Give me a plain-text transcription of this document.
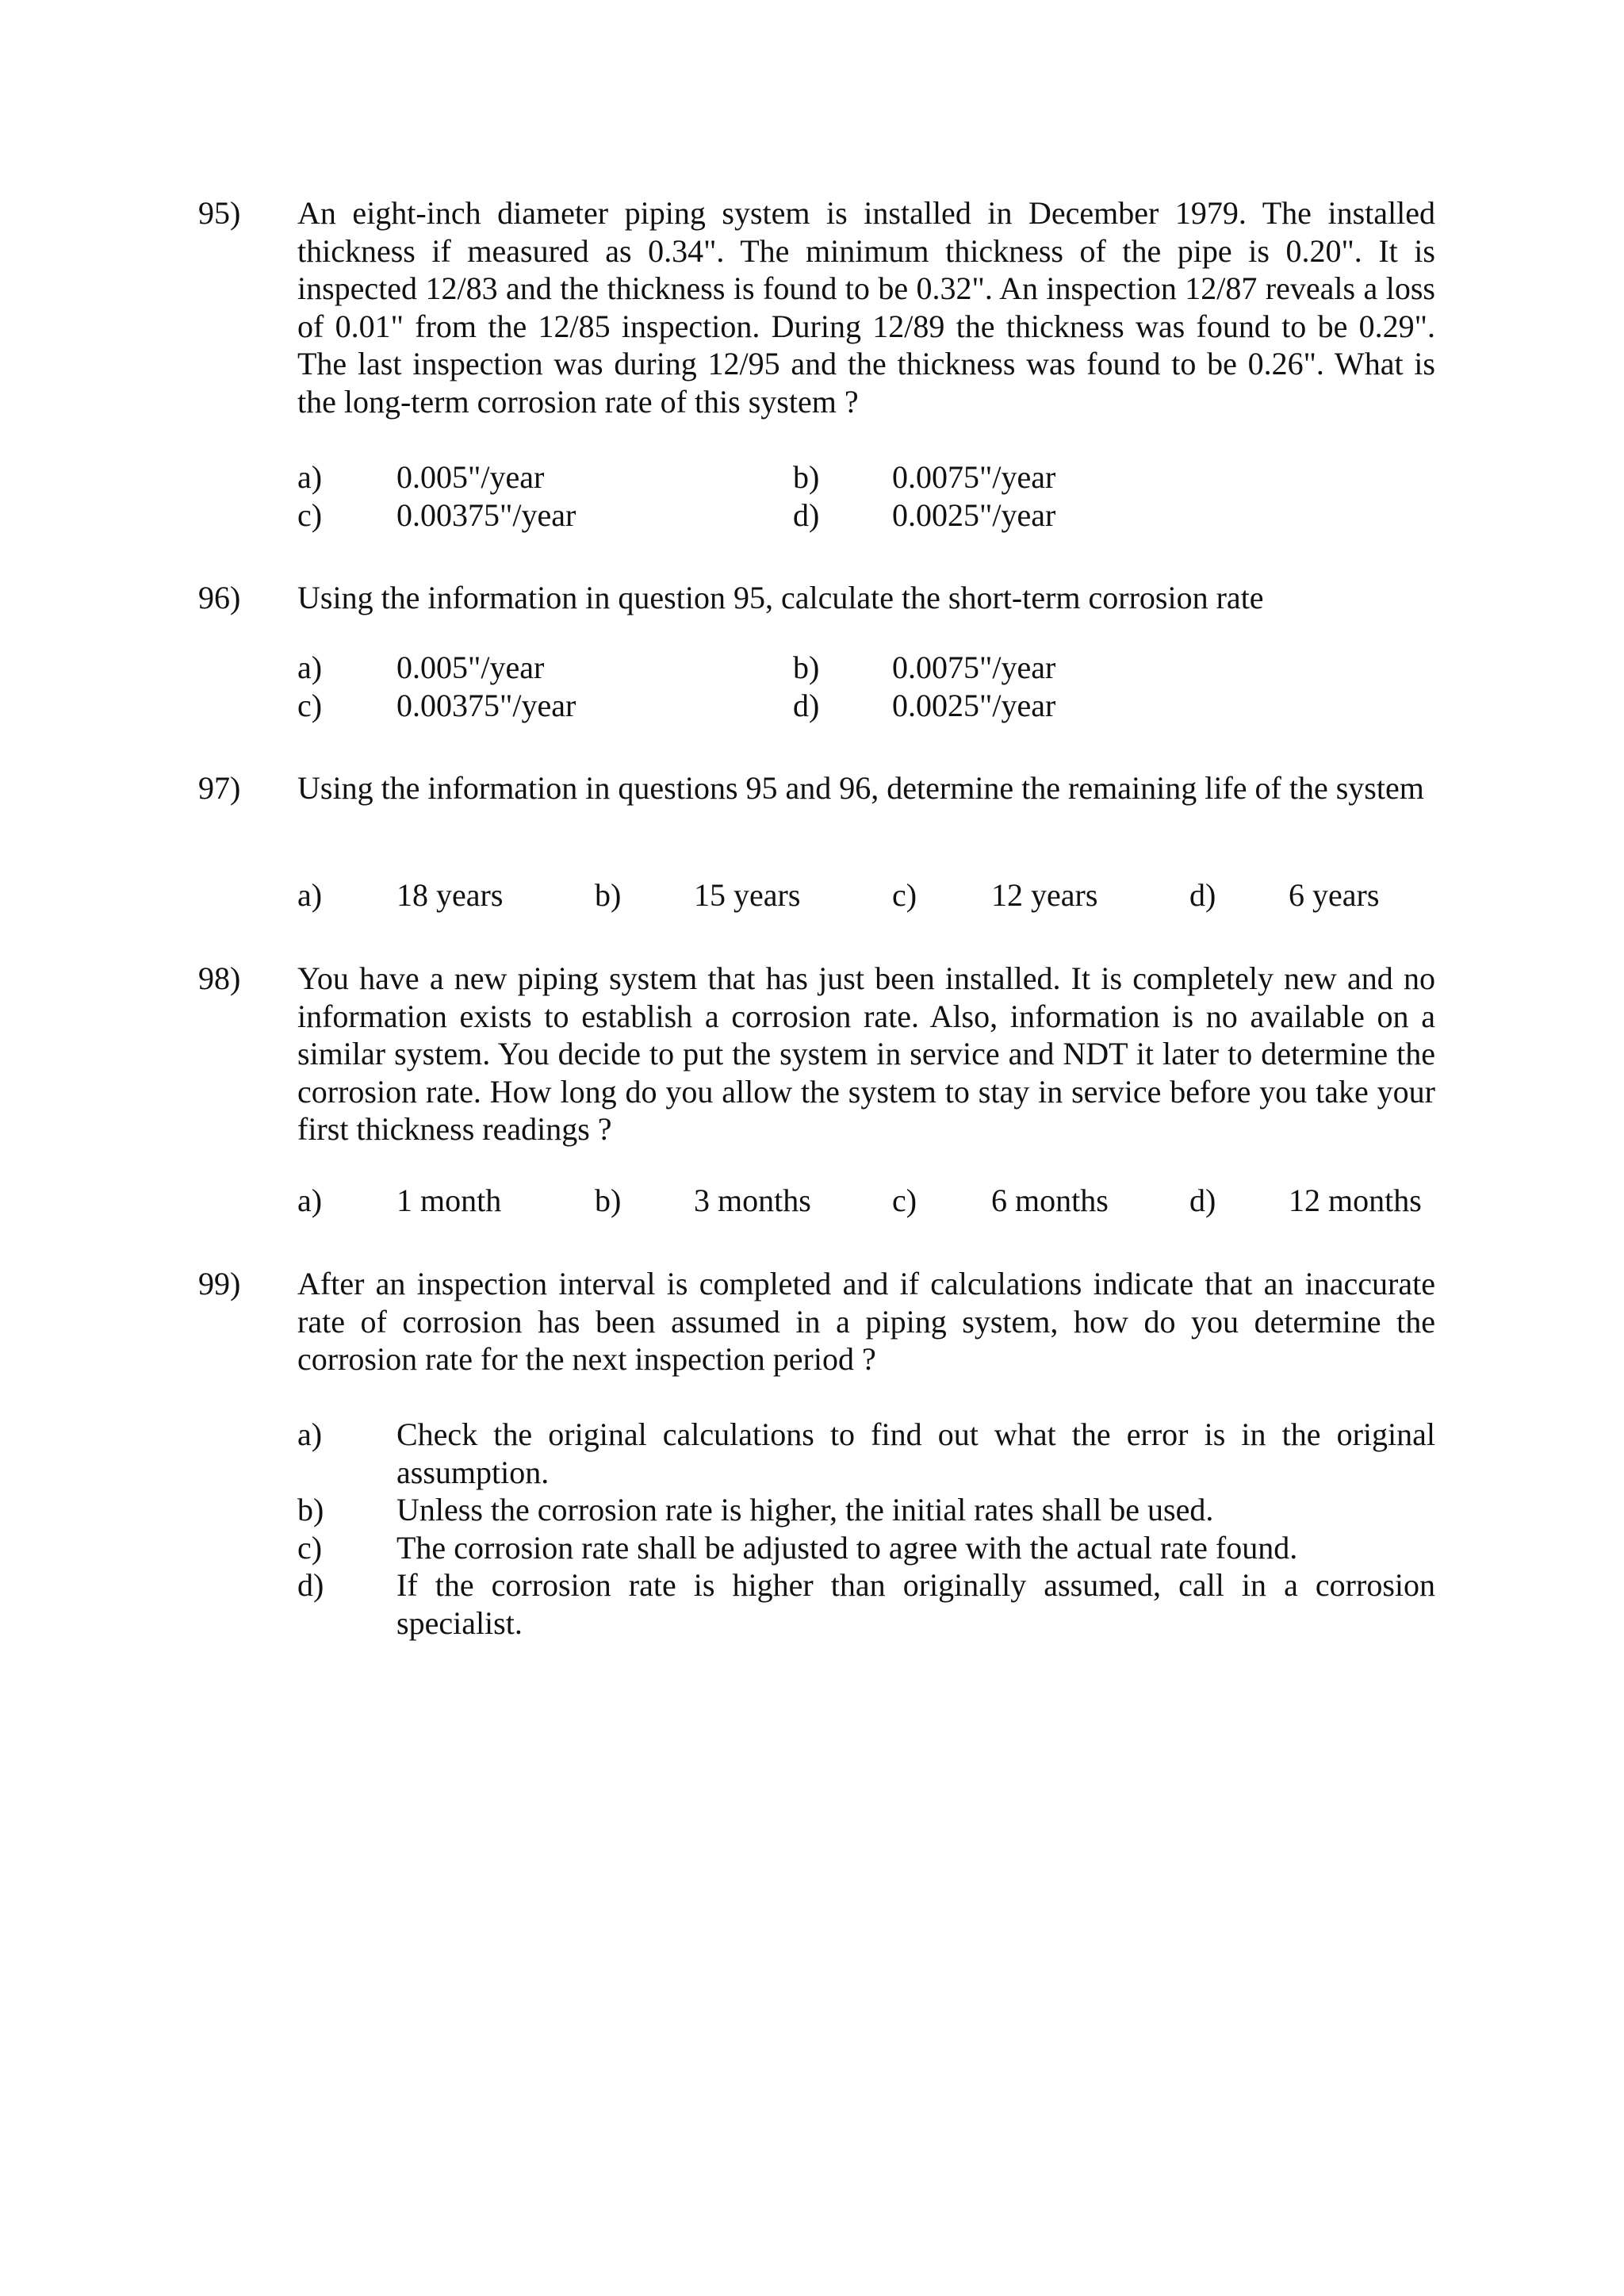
95) An eight-inch diameter piping system is installed in December 1979. The installed thickness if measured as 0.34". The minimum thickness of the pipe is 0.20". It is inspected 12/83 and the thickness is found to be 0.32". An inspection 12/87 reveals a loss of 0.01" from the 12/85 inspection. During 12/89 the thickness was found to be 0.29". The last inspection was during 12/95 and the thickness was found to be 0.26". What is the long-term corrosion rate of this system ?
a) 0.005"/year	b) 0.0075"/year
c) 0.00375"/year	d) 0.0025"/year
96) Using the information in question 95, calculate the short-term corrosion rate
a) 0.005"/year	b) 0.0075"/year
c) 0.00375"/year	d) 0.0025"/year
97) Using the information in questions 95 and 96, determine the remaining life of the system
a) 18 years	b) 15 years	c) 12 years	d) 6 years
98) You have a new piping system that has just been installed. It is completely new and no information exists to establish a corrosion rate. Also, information is no available on a similar system. You decide to put the system in service and NDT it later to determine the corrosion rate. How long do you allow the system to stay in service before you take your first thickness readings ?
a) 1 month	b) 3 months	c) 6 months	d) 12 months
99) After an inspection interval is completed and if calculations indicate that an inaccurate rate of corrosion has been assumed in a piping system, how do you determine the corrosion rate for the next inspection period ?
a) Check the original calculations to find out what the error is in the original assumption.
b) Unless the corrosion rate is higher, the initial rates shall be used.
c) The corrosion rate shall be adjusted to agree with the actual rate found.
d) If the corrosion rate is higher than originally assumed, call in a corrosion specialist.
